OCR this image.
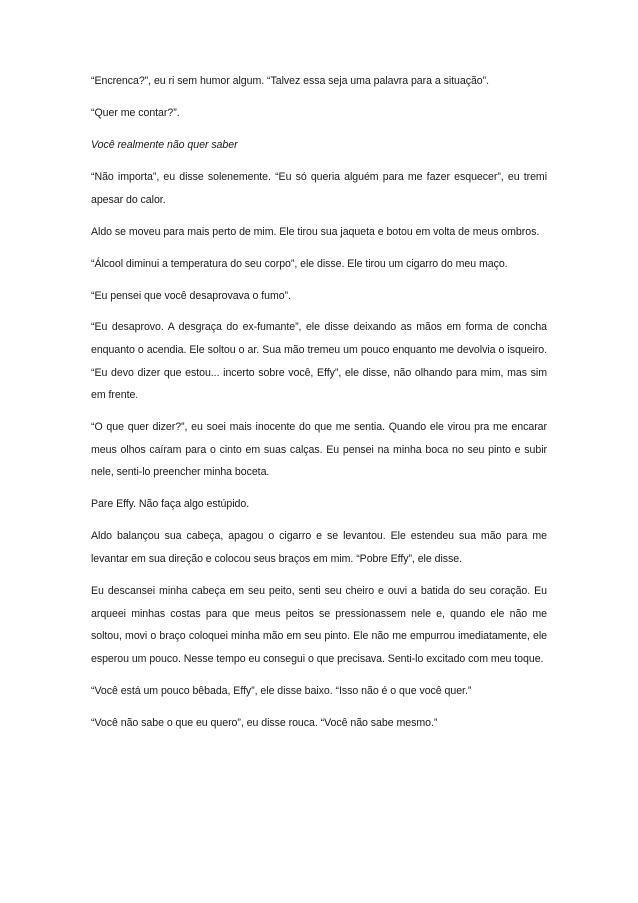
“Encrenca?”, eu ri sem humor algum. “Talvez essa seja uma palavra para a situação”.

“Quer me contar?”.

Você realmente não quer saber

“Não importa”, eu disse solenemente. “Eu só queria alguém para me fazer esquecer”, eu tremi apesar do calor.

Aldo se moveu para mais perto de mim. Ele tirou sua jaqueta e botou em volta de meus ombros.

“Álcool diminui a temperatura do seu corpo”, ele disse. Ele tirou um cigarro do meu maço.

“Eu pensei que você desaprovava o fumo”.

“Eu desaprovo. A desgraça do ex-fumante”, ele disse deixando as mãos em forma de concha enquanto o acendia. Ele soltou o ar. Sua mão tremeu um pouco enquanto me devolvia o isqueiro. “Eu devo dizer que estou... incerto sobre você, Effy”, ele disse, não olhando para mim, mas sim em frente.

“O que quer dizer?”, eu soei mais inocente do que me sentia. Quando ele virou pra me encarar meus olhos caíram para o cinto em suas calças. Eu pensei na minha boca no seu pinto e subir nele, senti-lo preencher minha boceta.

Pare Effy. Não faça algo estúpido.

Aldo balançou sua cabeça, apagou o cigarro e se levantou. Ele estendeu sua mão para me levantar em sua direção e colocou seus braços em mim. “Pobre Effy”, ele disse.

Eu descansei minha cabeça em seu peito, senti seu cheiro e ouvi a batida do seu coração. Eu arqueei minhas costas para que meus peitos se pressionassem nele e, quando ele não me soltou, movi o braço coloquei minha mão em seu pinto. Ele não me empurrou imediatamente, ele esperou um pouco. Nesse tempo eu consegui o que precisava. Senti-lo excitado com meu toque.

“Você está um pouco bêbada, Effy”, ele disse baixo. “Isso não é o que você quer.”

“Você não sabe o que eu quero”, eu disse rouca. “Você não sabe mesmo.”
